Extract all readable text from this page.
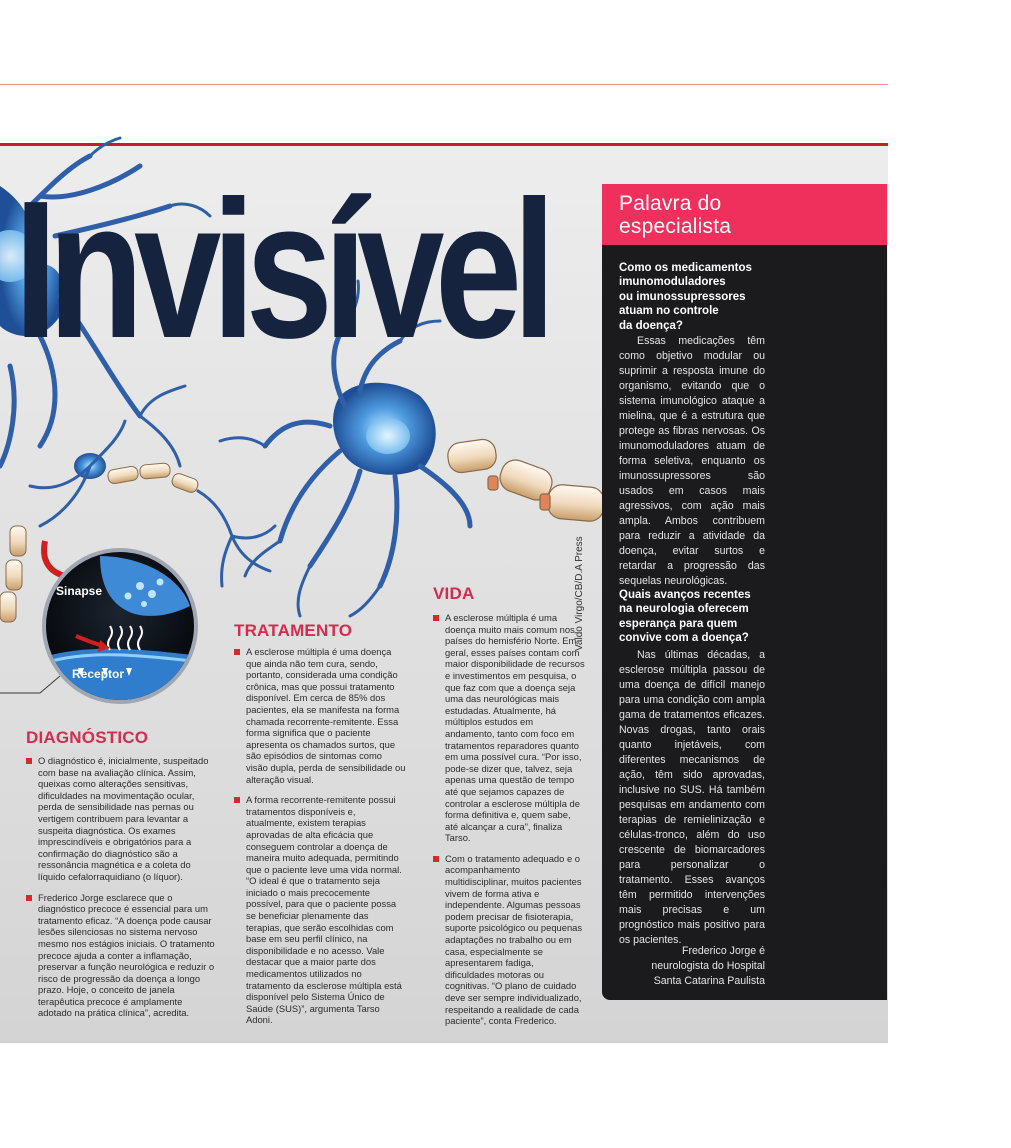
Invisível
Valdo Virgo/CB/D.A Press
Sinapse
Receptor
VIDA

A esclerose múltipla é uma doença muito mais comum nos países do hemisfério Norte. Em geral, esses países contam com maior disponibilidade de recursos e investimentos em pesquisa, o que faz com que a doença seja uma das neurológicas mais estudadas. Atualmente, há múltiplos estudos em andamento, tanto com foco em tratamentos reparadores quanto em uma possível cura. “Por isso, pode-se dizer que, talvez, seja apenas uma questão de tempo até que sejamos capazes de controlar a esclerose múltipla de forma definitiva e, quem sabe, até alcançar a cura”, finaliza Tarso.

Com o tratamento adequado e o acompanhamento multidisciplinar, muitos pacientes vivem de forma ativa e independente. Algumas pessoas podem precisar de fisioterapia, suporte psicológico ou pequenas adaptações no trabalho ou em casa, especialmente se apresentarem fadiga, dificuldades motoras ou cognitivas. “O plano de cuidado deve ser sempre individualizado, respeitando a realidade de cada paciente”, conta Frederico.

TRATAMENTO

A esclerose múltipla é uma doença que ainda não tem cura, sendo, portanto, considerada uma condição crônica, mas que possui tratamento disponível. Em cerca de 85% dos pacientes, ela se manifesta na forma chamada recorrente-remitente. Essa forma significa que o paciente apresenta os chamados surtos, que são episódios de sintomas como visão dupla, perda de sensibilidade ou alteração visual.

A forma recorrente-remitente possui tratamentos disponíveis e, atualmente, existem terapias aprovadas de alta eficácia que conseguem controlar a doença de maneira muito adequada, permitindo que o paciente leve uma vida normal. “O ideal é que o tratamento seja iniciado o mais precocemente possível, para que o paciente possa se beneficiar plenamente das terapias, que serão escolhidas com base em seu perfil clínico, na disponibilidade e no acesso. Vale destacar que a maior parte dos medicamentos utilizados no tratamento da esclerose múltipla está disponível pelo Sistema Único de Saúde (SUS)”, argumenta Tarso Adoni.

DIAGNÓSTICO

O diagnóstico é, inicialmente, suspeitado com base na avaliação clínica. Assim, queixas como alterações sensitivas, dificuldades na movimentação ocular, perda de sensibilidade nas pernas ou vertigem contribuem para levantar a suspeita diagnóstica. Os exames imprescindíveis e obrigatórios para a confirmação do diagnóstico são a ressonância magnética e a coleta do líquido cefalorraquidiano (o líquor).

Frederico Jorge esclarece que o diagnóstico precoce é essencial para um tratamento eficaz. “A doença pode causar lesões silenciosas no sistema nervoso mesmo nos estágios iniciais. O tratamento precoce ajuda a conter a inflamação, preservar a função neurológica e reduzir o risco de progressão da doença a longo prazo. Hoje, o conceito de janela terapêutica precoce é amplamente adotado na prática clínica”, acredita.

Palavra do
especialista
Como os medicamentos
imunomoduladores
ou imunossupressores
atuam no controle
da doença?
Essas medicações têm como objetivo modular ou suprimir a resposta imune do organismo, evitando que o sistema imunológico ataque a mielina, que é a estrutura que protege as fibras nervosas. Os imunomoduladores atuam de forma seletiva, enquanto os imunossupressores são usados em casos mais agressivos, com ação mais ampla. Ambos contribuem para reduzir a atividade da doença, evitar surtos e retardar a progressão das sequelas neurológicas.
Quais avanços recentes
na neurologia oferecem
esperança para quem
convive com a doença?
Nas últimas décadas, a esclerose múltipla passou de uma doença de difícil manejo para uma condição com ampla gama de tratamentos eficazes. Novas drogas, tanto orais quanto injetáveis, com diferentes mecanismos de ação, têm sido aprovadas, inclusive no SUS. Há também pesquisas em andamento com terapias de remielinização e células-tronco, além do uso crescente de biomarcadores para personalizar o tratamento. Esses avanços têm permitido intervenções mais precisas e um prognóstico mais positivo para os pacientes.
Frederico Jorge é
neurologista do Hospital
Santa Catarina Paulista
